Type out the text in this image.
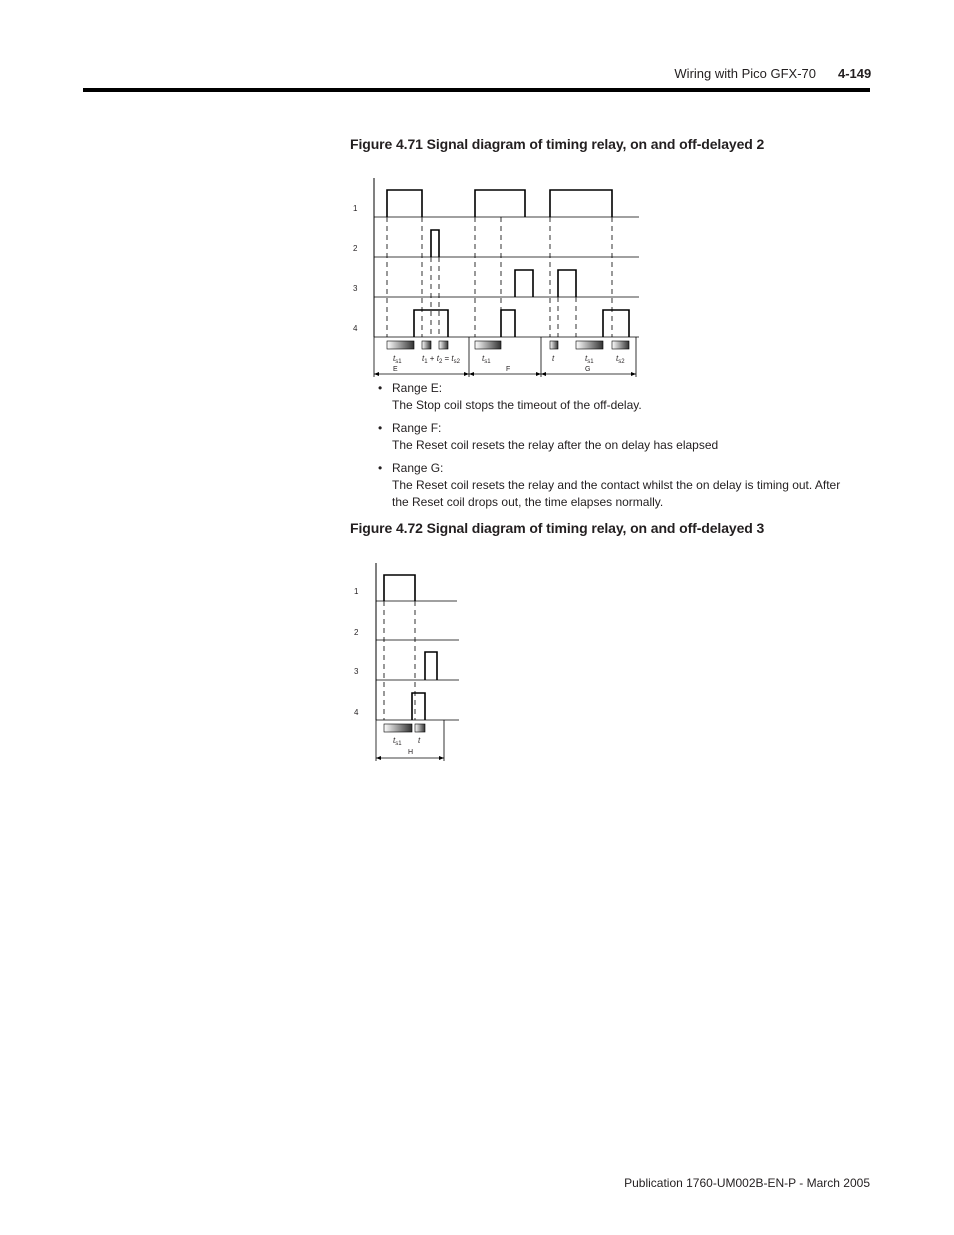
Wiring with Pico GFX-70 4-149
Figure 4.71 Signal diagram of timing relay, on and off-delayed 2
1
2
3
4
$t_{s1}$	$t_1 + t_2 = t_{s2}$	$t_{s1}$	t	$t_{s1}$	$t_{s2}$
E	F	G
• Range E:
The Stop coil stops the timeout of the off-delay.
• Range F:
The Reset coil resets the relay after the on delay has elapsed
• Range G:
The Reset coil resets the relay and the contact whilst the on delay is timing out. After the Reset coil drops out, the time elapses normally.
Figure 4.72 Signal diagram of timing relay, on and off-delayed 3
1
2
3
4
$t_{s1}$ t
H
Publication 1760-UM002B-EN-P - March 2005
